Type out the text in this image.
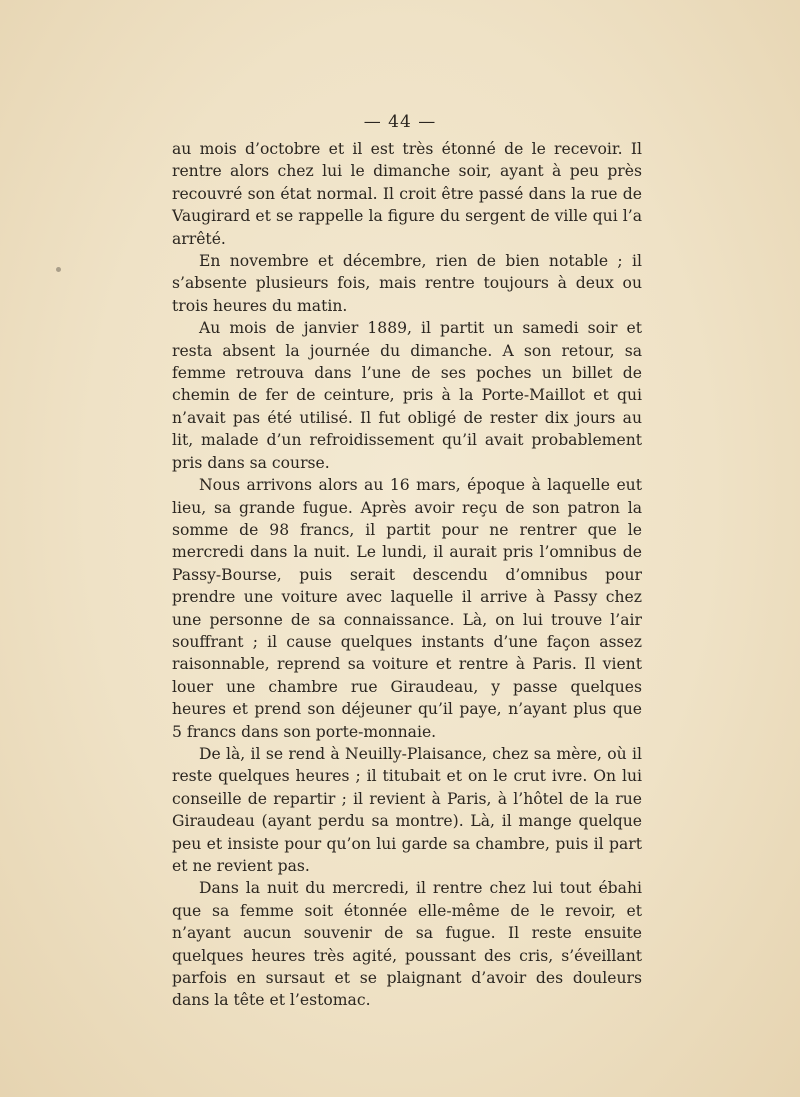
— 44 —

au mois d’octobre et il est très étonné de le recevoir. Il rentre alors chez lui le dimanche soir, ayant à peu près recouvré son état normal. Il croit être passé dans la rue de Vaugirard et se rappelle la figure du sergent de ville qui l’a arrêté.

En novembre et décembre, rien de bien notable ; il s’absente plusieurs fois, mais rentre toujours à deux ou trois heures du matin.

Au mois de janvier 1889, il partit un samedi soir et resta absent la journée du dimanche. A son retour, sa femme retrouva dans l’une de ses poches un billet de chemin de fer de ceinture, pris à la Porte-Maillot et qui n’avait pas été utilisé. Il fut obligé de rester dix jours au lit, malade d’un refroidissement qu’il avait probablement pris dans sa course.

Nous arrivons alors au 16 mars, époque à laquelle eut lieu, sa grande fugue. Après avoir reçu de son patron la somme de 98 francs, il partit pour ne rentrer que le mercredi dans la nuit. Le lundi, il aurait pris l’omnibus de Passy-Bourse, puis serait descendu d’omnibus pour prendre une voiture avec laquelle il arrive à Passy chez une personne de sa connaissance. Là, on lui trouve l’air souffrant ; il cause quelques instants d’une façon assez raisonnable, reprend sa voiture et rentre à Paris. Il vient louer une chambre rue Giraudeau, y passe quelques heures et prend son déjeuner qu’il paye, n’ayant plus que 5 francs dans son porte-monnaie.

De là, il se rend à Neuilly-Plaisance, chez sa mère, où il reste quelques heures ; il titubait et on le crut ivre. On lui conseille de repartir ; il revient à Paris, à l’hôtel de la rue Giraudeau (ayant perdu sa montre). Là, il mange quelque peu et insiste pour qu’on lui garde sa chambre, puis il part et ne revient pas.

Dans la nuit du mercredi, il rentre chez lui tout ébahi que sa femme soit étonnée elle-même de le revoir, et n’ayant aucun souvenir de sa fugue. Il reste ensuite quelques heures très agité, poussant des cris, s’éveillant parfois en sursaut et se plaignant d’avoir des douleurs dans la tête et l’estomac.
